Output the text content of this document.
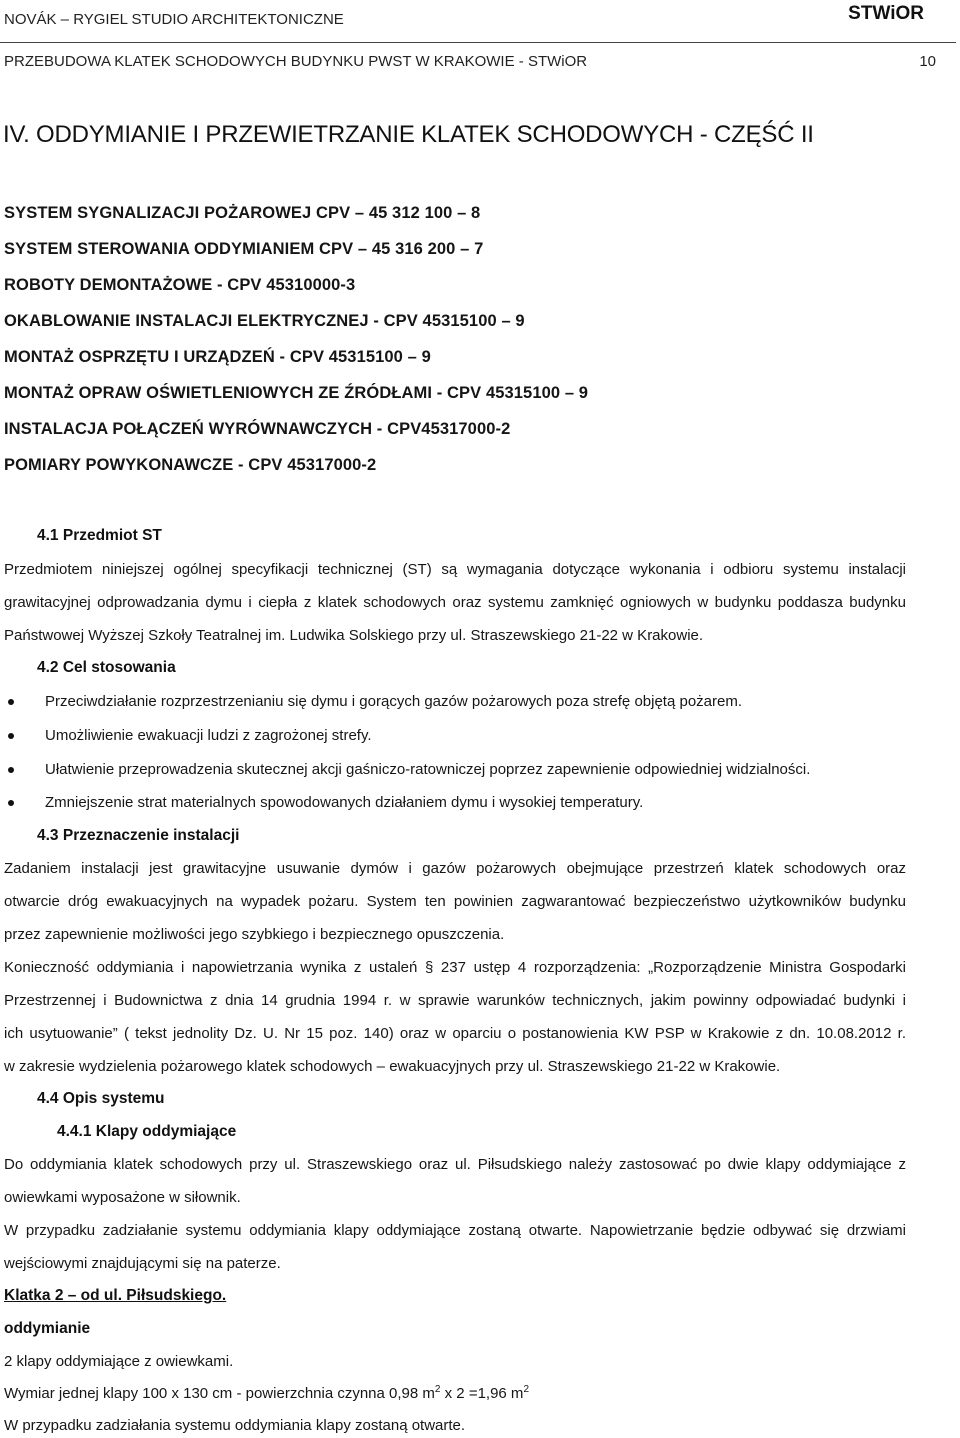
NOVÁK – RYGIEL STUDIO ARCHITEKTONICZNE	STWiOR
PRZEBUDOWA KLATEK SCHODOWYCH BUDYNKU PWST W KRAKOWIE - STWiOR	10
IV. ODDYMIANIE I PRZEWIETRZANIE KLATEK SCHODOWYCH - CZĘŚĆ II
SYSTEM SYGNALIZACJI POŻAROWEJ CPV – 45 312 100 – 8
SYSTEM STEROWANIA ODDYMIANIEM CPV – 45 316 200 – 7
ROBOTY DEMONTAŻOWE - CPV 45310000-3
OKABLOWANIE INSTALACJI ELEKTRYCZNEJ - CPV 45315100 – 9
MONTAŻ OSPRZĘTU I URZĄDZEŃ - CPV 45315100 – 9
MONTAŻ OPRAW OŚWIETLENIOWYCH ZE ŹRÓDŁAMI - CPV 45315100 – 9
INSTALACJA POŁĄCZEŃ WYRÓWNAWCZYCH - CPV45317000-2
POMIARY POWYKONAWCZE - CPV 45317000-2
4.1 Przedmiot ST
Przedmiotem niniejszej ogólnej specyfikacji technicznej (ST) są wymagania dotyczące wykonania i odbioru systemu instalacji
grawitacyjnej odprowadzania dymu i ciepła z klatek schodowych oraz systemu zamknięć ogniowych w budynku poddasza budynku
Państwowej Wyższej Szkoły Teatralnej im. Ludwika Solskiego przy ul. Straszewskiego 21-22 w Krakowie.
4.2 Cel stosowania
Przeciwdziałanie rozprzestrzenianiu się dymu i gorących gazów pożarowych poza strefę objętą pożarem.
Umożliwienie ewakuacji ludzi z zagrożonej strefy.
Ułatwienie przeprowadzenia skutecznej akcji gaśniczo-ratowniczej poprzez zapewnienie odpowiedniej widzialności.
Zmniejszenie strat materialnych spowodowanych działaniem dymu i wysokiej temperatury.
4.3 Przeznaczenie instalacji
Zadaniem instalacji jest grawitacyjne usuwanie dymów i gazów pożarowych obejmujące przestrzeń klatek schodowych oraz
otwarcie dróg ewakuacyjnych na wypadek pożaru. System ten powinien zagwarantować bezpieczeństwo użytkowników budynku
przez zapewnienie możliwości jego szybkiego i bezpiecznego opuszczenia.
Konieczność oddymiania i napowietrzania wynika z ustaleń § 237 ustęp 4 rozporządzenia: „Rozporządzenie Ministra Gospodarki
Przestrzennej i Budownictwa z dnia 14 grudnia 1994 r. w sprawie warunków technicznych, jakim powinny odpowiadać budynki i
ich usytuowanie” ( tekst jednolity Dz. U. Nr 15 poz. 140) oraz w oparciu o postanowienia KW PSP w Krakowie z dn. 10.08.2012 r.
w zakresie wydzielenia pożarowego klatek schodowych – ewakuacyjnych przy ul. Straszewskiego 21-22 w Krakowie.
4.4 Opis systemu
4.4.1 Klapy oddymiające
Do oddymiania klatek schodowych przy ul. Straszewskiego oraz ul. Piłsudskiego należy zastosować po dwie klapy oddymiające z
owiewkami wyposażone w siłownik.
W przypadku zadziałanie systemu oddymiania klapy oddymiające zostaną otwarte. Napowietrzanie będzie odbywać się drzwiami
wejściowymi znajdującymi się na paterze.
Klatka 2 – od ul. Piłsudskiego.
oddymianie
2 klapy oddymiające z owiewkami.
Wymiar jednej klapy 100 x 130 cm - powierzchnia czynna 0,98 $m^2$ x 2 =1,96 $m^2$
W przypadku zadziałania systemu oddymiania klapy zostaną otwarte.
